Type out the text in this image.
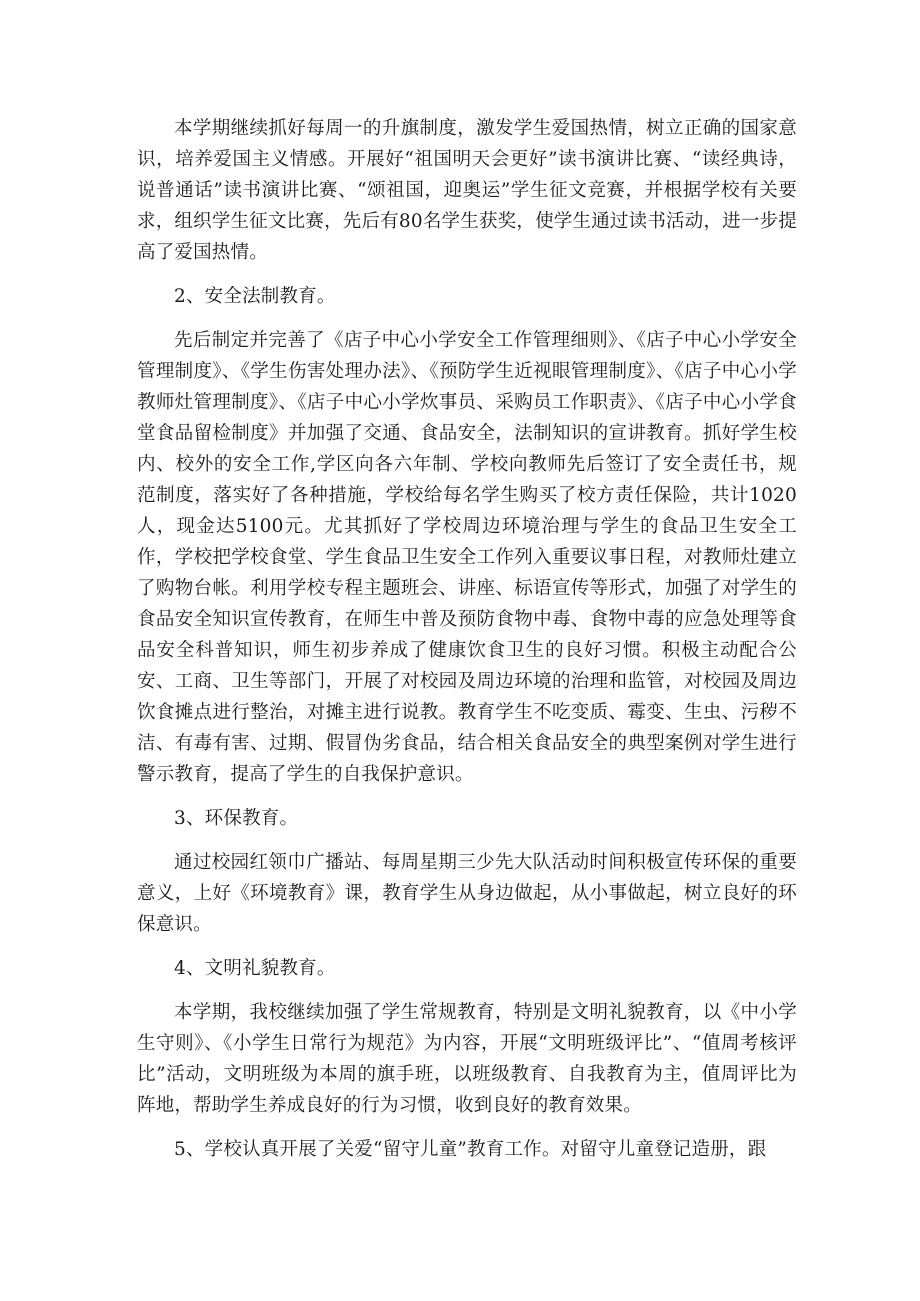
本学期继续抓好每周一的升旗制度，激发学生爱国热情，树立正确的国家意识，培养爱国主义情感。开展好“祖国明天会更好”读书演讲比赛、“读经典诗，说普通话”读书演讲比赛、“颂祖国，迎奥运”学生征文竞赛，并根据学校有关要求，组织学生征文比赛，先后有80名学生获奖，使学生通过读书活动，进一步提高了爱国热情。

2、安全法制教育。

先后制定并完善了《店子中心小学安全工作管理细则》、《店子中心小学安全管理制度》、《学生伤害处理办法》、《预防学生近视眼管理制度》、《店子中心小学教师灶管理制度》、《店子中心小学炊事员、采购员工作职责》、《店子中心小学食堂食品留检制度》并加强了交通、食品安全，法制知识的宣讲教育。抓好学生校内、校外的安全工作,学区向各六年制、学校向教师先后签订了安全责任书，规范制度，落实好了各种措施，学校给每名学生购买了校方责任保险，共计1020人，现金达5100元。尤其抓好了学校周边环境治理与学生的食品卫生安全工作，学校把学校食堂、学生食品卫生安全工作列入重要议事日程，对教师灶建立了购物台帐。利用学校专程主题班会、讲座、标语宣传等形式，加强了对学生的食品安全知识宣传教育，在师生中普及预防食物中毒、食物中毒的应急处理等食品安全科普知识，师生初步养成了健康饮食卫生的良好习惯。积极主动配合公安、工商、卫生等部门，开展了对校园及周边环境的治理和监管，对校园及周边饮食摊点进行整治，对摊主进行说教。教育学生不吃变质、霉变、生虫、污秽不洁、有毒有害、过期、假冒伪劣食品，结合相关食品安全的典型案例对学生进行警示教育，提高了学生的自我保护意识。

3、环保教育。

通过校园红领巾广播站、每周星期三少先大队活动时间积极宣传环保的重要意义，上好《环境教育》课，教育学生从身边做起，从小事做起，树立良好的环保意识。

4、文明礼貌教育。

本学期，我校继续加强了学生常规教育，特别是文明礼貌教育，以《中小学生守则》、《小学生日常行为规范》为内容，开展“文明班级评比”、“值周考核评比”活动，文明班级为本周的旗手班，以班级教育、自我教育为主，值周评比为阵地，帮助学生养成良好的行为习惯，收到良好的教育效果。

5、学校认真开展了关爱“留守儿童”教育工作。对留守儿童登记造册，跟
